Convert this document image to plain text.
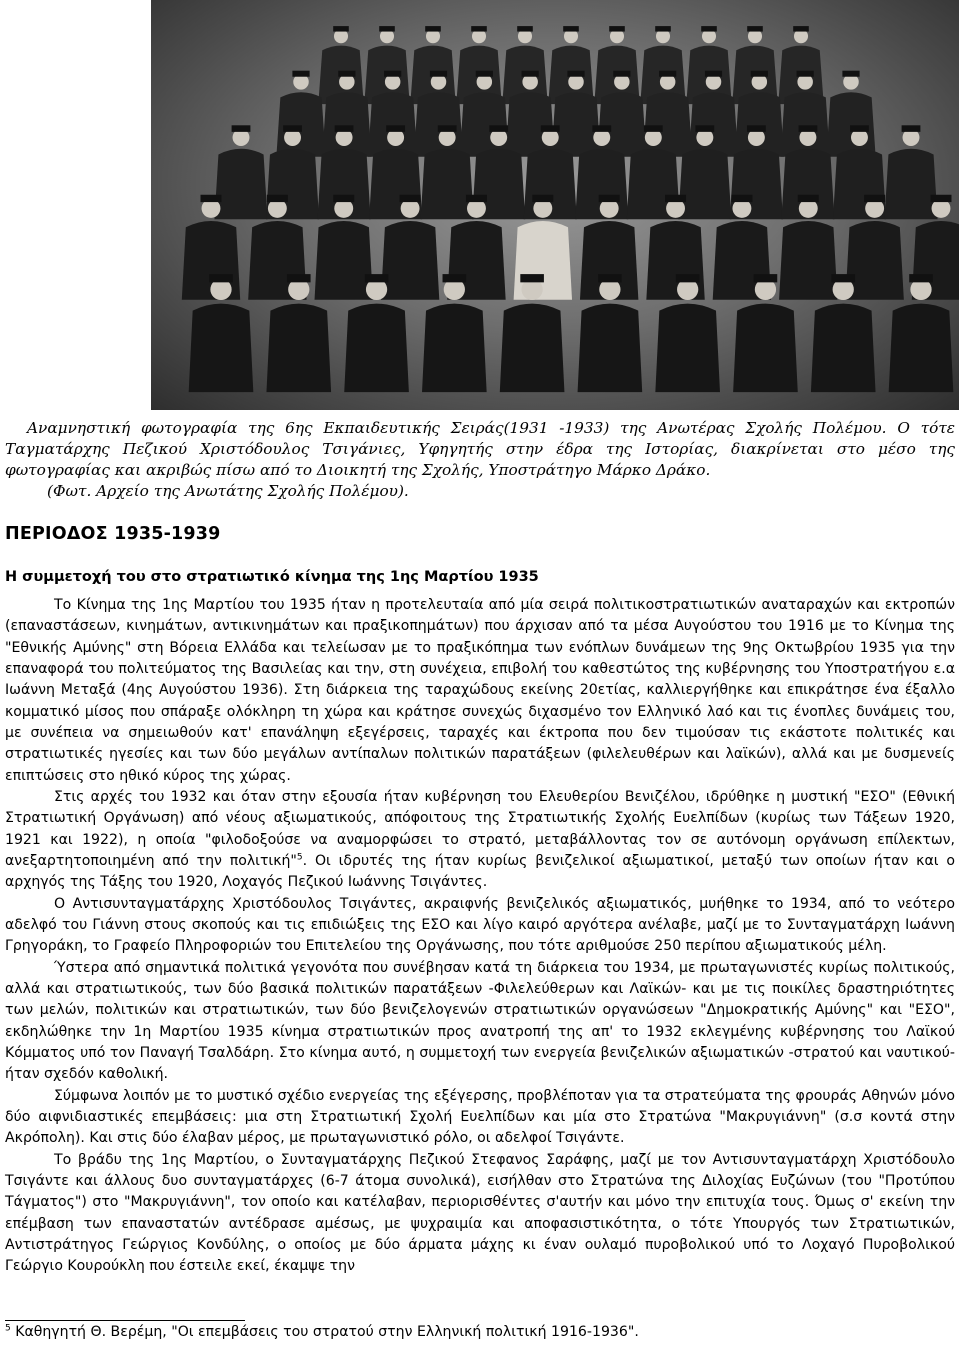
Αναμνηστική φωτογραφία της 6ης Εκπαιδευτικής Σειράς(1931 -1933) της Ανωτέρας Σχολής Πολέμου. Ο τότε Ταγματάρχης Πεζικού Χριστόδουλος Τσιγάνιες, Υφηγητής στην έδρα της Ιστορίας, διακρίνεται στο μέσο της φωτογραφίας και ακριβώς πίσω από το Διοικητή της Σχολής, Υποστράτηγο Μάρκο Δράκο.

(Φωτ. Αρχείο της Ανωτάτης Σχολής Πολέμου).

ΠΕΡΙΟΔΟΣ 1935-1939
Η συμμετοχή του στο στρατιωτικό κίνημα της 1ης Μαρτίου 1935

Το Κίνημα της 1ης Μαρτίου του 1935 ήταν η προτελευταία από μία σειρά πολιτικοστρατιωτικών αναταραχών και εκτροπών (επαναστάσεων, κινημάτων, αντικινημάτων και πραξικοπημάτων) που άρχισαν από τα μέσα Αυγούστου του 1916 με το Κίνημα της "Εθνικής Αμύνης" στη Βόρεια Ελλάδα και τελείωσαν με το πραξικόπημα των ενόπλων δυνάμεων της 9ης Οκτωβρίου 1935 για την επαναφορά του πολιτεύματος της Βασιλείας και την, στη συνέχεια, επιβολή του καθεστώτος της κυβέρνησης του Υποστρατήγου ε.α Ιωάννη Μεταξά (4ης Αυγούστου 1936). Στη διάρκεια της ταραχώδους εκείνης 20ετίας, καλλιεργήθηκε και επικράτησε ένα έξαλλο κομματικό μίσος που σπάραξε ολόκληρη τη χώρα και κράτησε συνεχώς διχασμένο τον Ελληνικό λαό και τις ένοπλες δυνάμεις του, με συνέπεια να σημειωθούν κατ' επανάληψη εξεγέρσεις, ταραχές και έκτροπα που δεν τιμούσαν τις εκάστοτε πολιτικές και στρατιωτικές ηγεσίες και των δύο μεγάλων αντίπαλων πολιτικών παρατάξεων (φιλελευθέρων και λαϊκών), αλλά και με δυσμενείς επιπτώσεις στο ηθικό κύρος της χώρας.

Στις αρχές του 1932 και όταν στην εξουσία ήταν κυβέρνηση του Ελευθερίου Βενιζέλου, ιδρύθηκε η μυστική "ΕΣΟ" (Εθνική Στρατιωτική Οργάνωση) από νέους αξιωματικούς, απόφοιτους της Στρατιωτικής Σχολής Ευελπίδων (κυρίως των Τάξεων 1920, 1921 και 1922), η οποία "φιλοδοξούσε να αναμορφώσει το στρατό, μεταβάλλοντας τον σε αυτόνομη οργάνωση επίλεκτων, ανεξαρτητοποιημένη από την πολιτική"$^5$. Οι ιδρυτές της ήταν κυρίως βενιζελικοί αξιωματικοί, μεταξύ των οποίων ήταν και ο αρχηγός της Τάξης του 1920, Λοχαγός Πεζικού Ιωάννης Τσιγάντες.

Ο Αντισυνταγματάρχης Χριστόδουλος Τσιγάντες, ακραιφνής βενιζελικός αξιωματικός, μυήθηκε το 1934, από το νεότερο αδελφό του Γιάννη στους σκοπούς και τις επιδιώξεις της ΕΣΟ και λίγο καιρό αργότερα ανέλαβε, μαζί με το Συνταγματάρχη Ιωάννη Γρηγοράκη, το Γραφείο Πληροφοριών του Επιτελείου της Οργάνωσης, που τότε αριθμούσε 250 περίπου αξιωματικούς μέλη.

Ύστερα από σημαντικά πολιτικά γεγονότα που συνέβησαν κατά τη διάρκεια του 1934, με πρωταγωνιστές κυρίως πολιτικούς, αλλά και στρατιωτικούς, των δύο βασικά πολιτικών παρατάξεων -Φιλελεύθερων και Λαϊκών- και με τις ποικίλες δραστηριότητες των μελών, πολιτικών και στρατιωτικών, των δύο βενιζελογενών στρατιωτικών οργανώσεων "Δημοκρατικής Αμύνης" και "ΕΣΟ", εκδηλώθηκε την 1η Μαρτίου 1935 κίνημα στρατιωτικών προς ανατροπή της απ' το 1932 εκλεγμένης κυβέρνησης του Λαϊκού Κόμματος υπό τον Παναγή Τσαλδάρη. Στο κίνημα αυτό, η συμμετοχή των ενεργεία βενιζελικών αξιωματικών -στρατού και ναυτικού- ήταν σχεδόν καθολική.

Σύμφωνα λοιπόν με το μυστικό σχέδιο ενεργείας της εξέγερσης, προβλέποταν για τα στρατεύματα της φρουράς Αθηνών μόνο δύο αιφνιδιαστικές επεμβάσεις: μια στη Στρατιωτική Σχολή Ευελπίδων και μία στο Στρατώνα "Μακρυγιάννη" (σ.σ κοντά στην Ακρόπολη). Και στις δύο έλαβαν μέρος, με πρωταγωνιστικό ρόλο, οι αδελφοί Τσιγάντε.

Το βράδυ της 1ης Μαρτίου, ο Συνταγματάρχης Πεζικού Στεφανος Σαράφης, μαζί με τον Αντισυνταγματάρχη Χριστόδουλο Τσιγάντε και άλλους δυο συνταγματάρχες (6-7 άτομα συνολικά), εισήλθαν στο Στρατώνα της Διλοχίας Ευζώνων (του "Προτύπου Τάγματος") στο "Μακρυγιάννη", τον οποίο και κατέλαβαν, περιορισθέντες σ'αυτήν και μόνο την επιτυχία τους. Όμως σ' εκείνη την επέμβαση των επαναστατών αντέδρασε αμέσως, με ψυχραιμία και αποφασιστικότητα, ο τότε Υπουργός των Στρατιωτικών, Αντιστράτηγος Γεώργιος Κονδύλης, ο οποίος με δύο άρματα μάχης κι έναν ουλαμό πυροβολικού υπό το Λοχαγό Πυροβολικού Γεώργιο Κουρούκλη που έστειλε εκεί, έκαμψε την

$^5$ Καθηγητή Θ. Βερέμη, "Οι επεμβάσεις του στρατού στην Ελληνική πολιτική 1916-1936".
